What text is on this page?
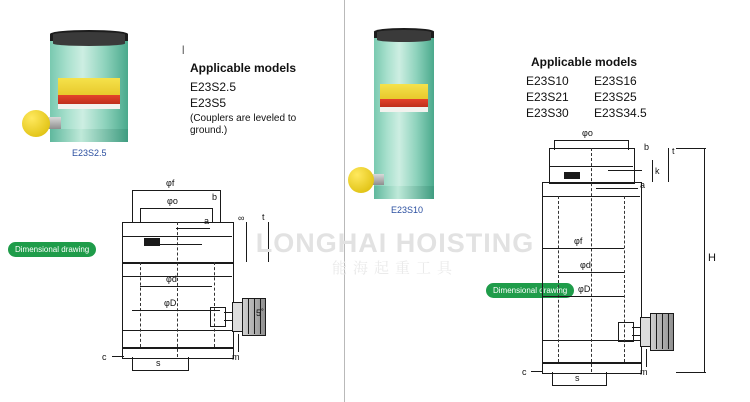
E23S2.5
Applicable models
E23S2.5
E23S5
(Couplers are leveled to ground.)
|
Dimensional drawing
φf
φo	b
a	∞ t
φd
φD
5˚
c
s
m
E23S10
Applicable models
E23S10 E23S16
E23S21 E23S25
E23S30 E23S34.5
Dimensional drawing
φo
b	t
k
a
φf
φd
φD
H
c
s
m
LONGHAI HOISTING
能海起重工具
